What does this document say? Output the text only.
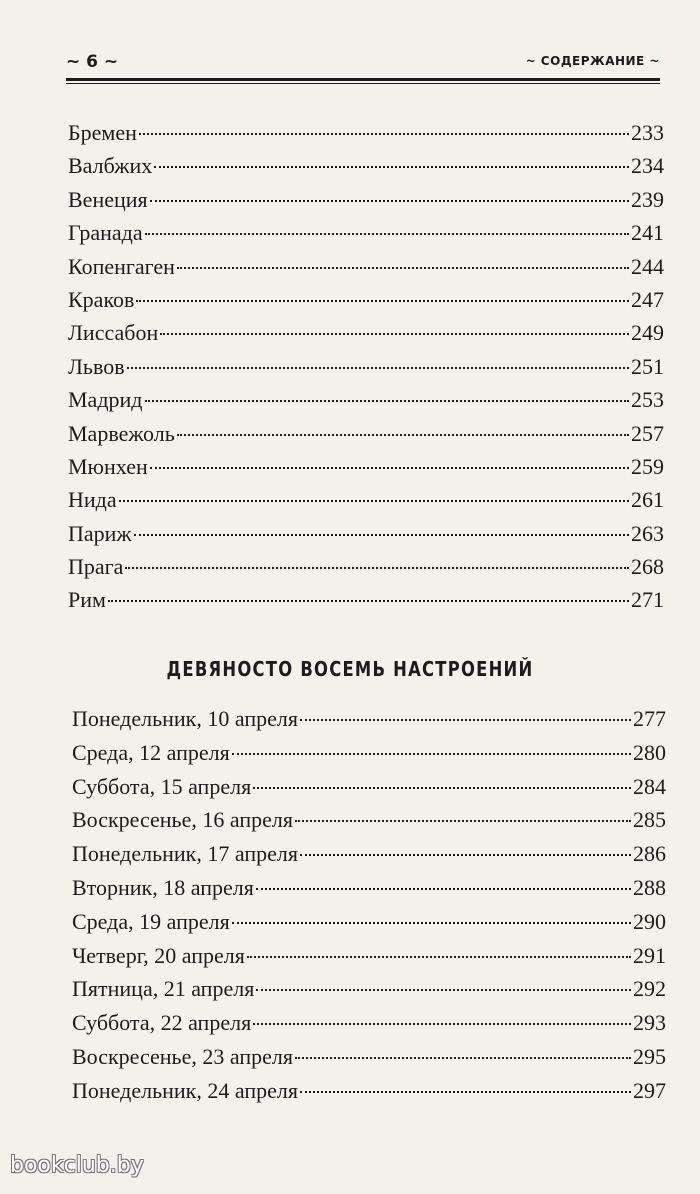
~ 6 ~	~ СОДЕРЖАНИЕ ~
Бремен	233
Валбжих	234
Венеция	239
Гранада	241
Копенгаген	244
Краков	247
Лиссабон	249
Львов	251
Мадрид	253
Марвежоль	257
Мюнхен	259
Нида	261
Париж	263
Прага	268
Рим	271
ДЕВЯНОСТО ВОСЕМЬ НАСТРОЕНИЙ
Понедельник, 10 апреля	277
Среда, 12 апреля	280
Суббота, 15 апреля	284
Воскресенье, 16 апреля	285
Понедельник, 17 апреля	286
Вторник, 18 апреля	288
Среда, 19 апреля	290
Четверг, 20 апреля	291
Пятница, 21 апреля	292
Суббота, 22 апреля	293
Воскресенье, 23 апреля	295
Понедельник, 24 апреля	297
bookclub.by
